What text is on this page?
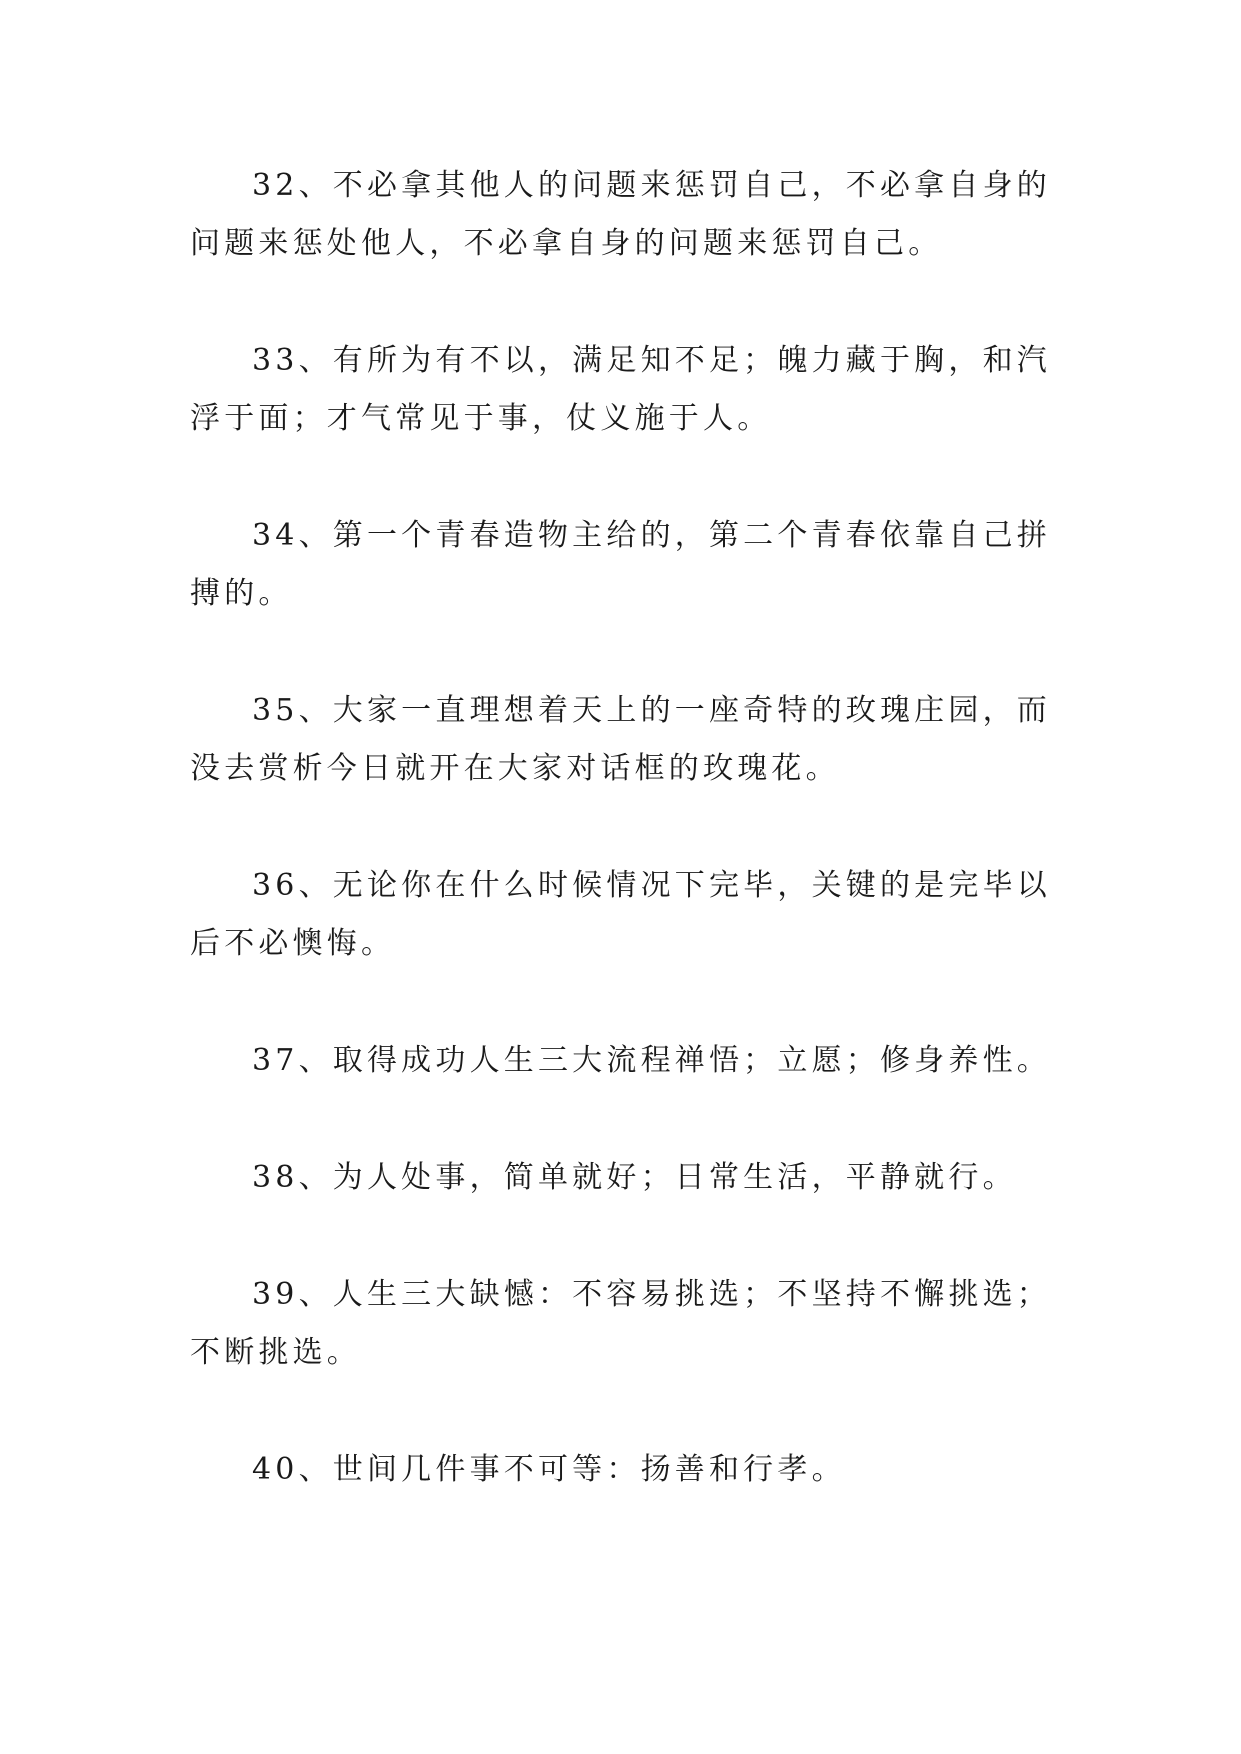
32、不必拿其他人的问题来惩罚自己，不必拿自身的问题来惩处他人，不必拿自身的问题来惩罚自己。

33、有所为有不以，满足知不足；魄力藏于胸，和汽浮于面；才气常见于事，仗义施于人。

34、第一个青春造物主给的，第二个青春依靠自己拼搏的。

35、大家一直理想着天上的一座奇特的玫瑰庄园，而没去赏析今日就开在大家对话框的玫瑰花。

36、无论你在什么时候情况下完毕，关键的是完毕以后不必懊悔。

37、取得成功人生三大流程禅悟；立愿；修身养性。

38、为人处事，简单就好；日常生活，平静就行。

39、人生三大缺憾：不容易挑选；不坚持不懈挑选；不断挑选。

40、世间几件事不可等：扬善和行孝。
